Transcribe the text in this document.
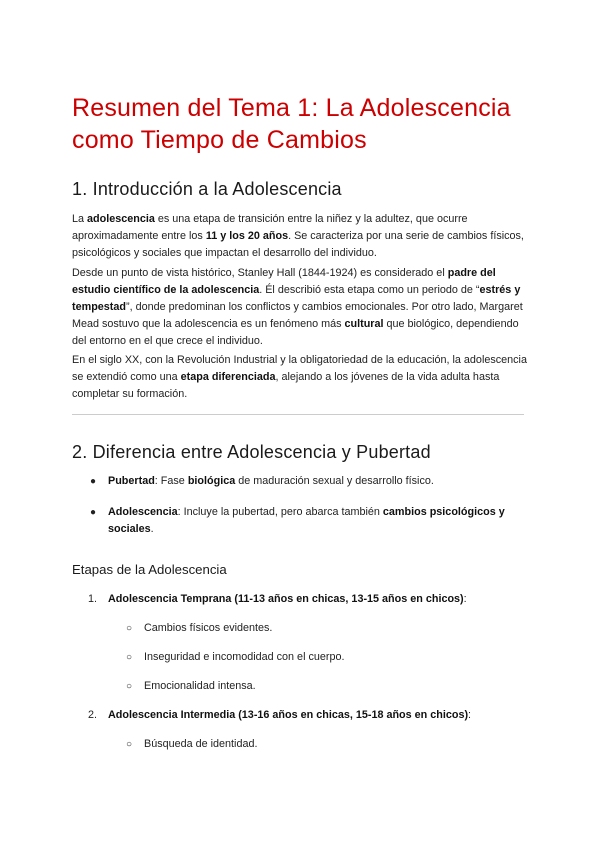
Resumen del Tema 1: La Adolescencia como Tiempo de Cambios
1. Introducción a la Adolescencia

La adolescencia es una etapa de transición entre la niñez y la adultez, que ocurre aproximadamente entre los 11 y los 20 años. Se caracteriza por una serie de cambios físicos, psicológicos y sociales que impactan el desarrollo del individuo.

Desde un punto de vista histórico, Stanley Hall (1844-1924) es considerado el padre del estudio científico de la adolescencia. Él describió esta etapa como un periodo de “estrés y tempestad”, donde predominan los conflictos y cambios emocionales. Por otro lado, Margaret Mead sostuvo que la adolescencia es un fenómeno más cultural que biológico, dependiendo del entorno en el que crece el individuo.

En el siglo XX, con la Revolución Industrial y la obligatoriedad de la educación, la adolescencia se extendió como una etapa diferenciada, alejando a los jóvenes de la vida adulta hasta completar su formación.

2. Diferencia entre Adolescencia y Pubertad
● Pubertad: Fase biológica de maduración sexual y desarrollo físico.
● Adolescencia: Incluye la pubertad, pero abarca también cambios psicológicos y sociales.
Etapas de la Adolescencia
1. Adolescencia Temprana (11-13 años en chicas, 13-15 años en chicos):
○ Cambios físicos evidentes.
○ Inseguridad e incomodidad con el cuerpo.
○ Emocionalidad intensa.
2. Adolescencia Intermedia (13-16 años en chicas, 15-18 años en chicos):
○ Búsqueda de identidad.
